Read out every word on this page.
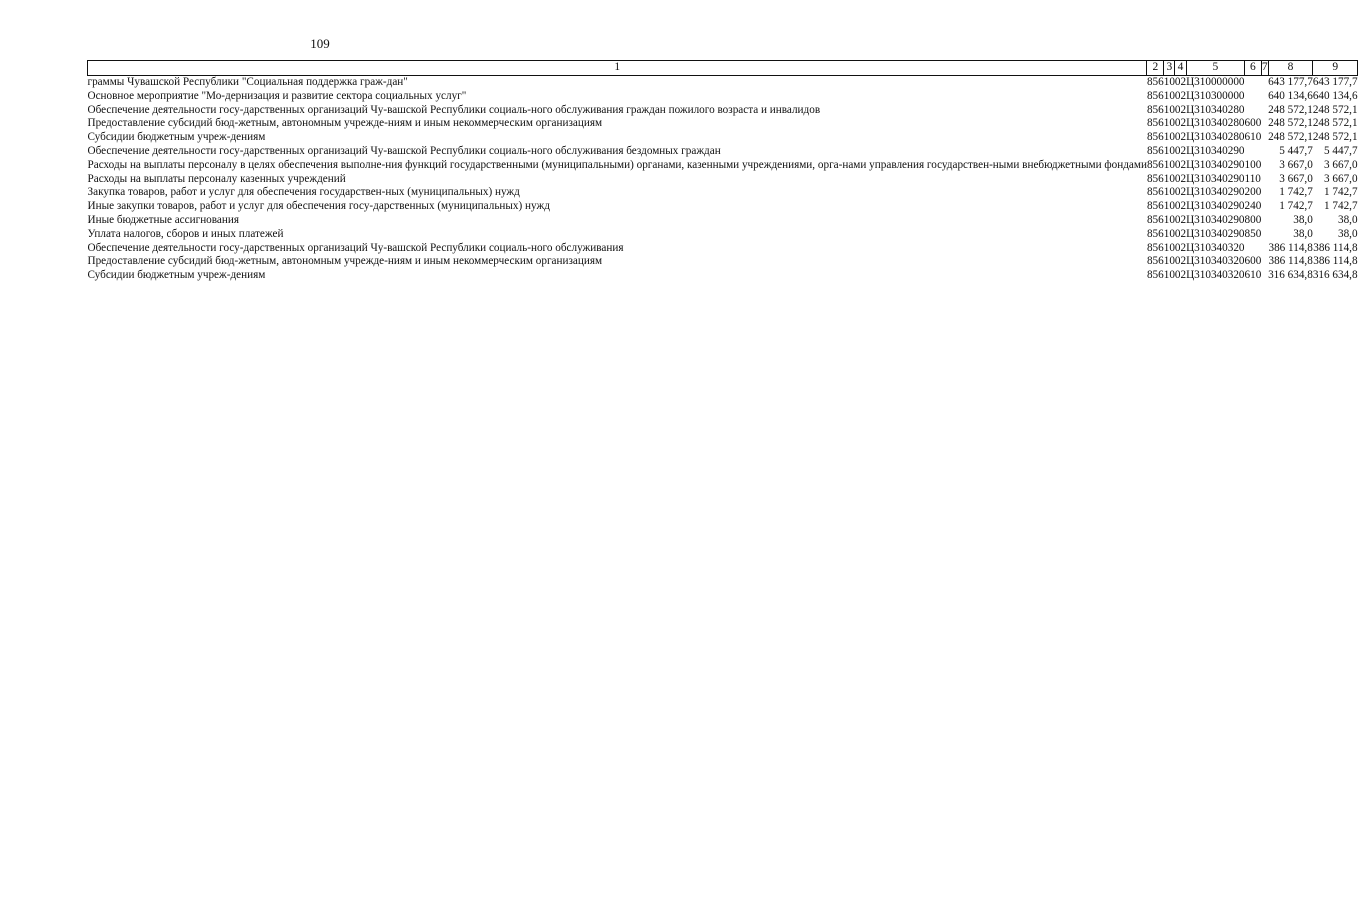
109
1	2	3	4	5	6	7	8	9
граммы Чувашской Республики "Социальная поддержка граж-дан"	856	10	02	Ц310000000			643 177,7	643 177,7
Основное мероприятие "Мо-дернизация и развитие сектора социальных услуг"	856	10	02	Ц310300000			640 134,6	640 134,6
Обеспечение деятельности госу-дарственных организаций Чу-вашской Республики социаль-ного обслуживания граждан пожилого возраста и инвалидов	856	10	02	Ц310340280			248 572,1	248 572,1
Предоставление субсидий бюд-жетным, автономным учрежде-ниям и иным некоммерческим организациям	856	10	02	Ц310340280	600		248 572,1	248 572,1
Субсидии бюджетным учреж-дениям	856	10	02	Ц310340280	610		248 572,1	248 572,1
Обеспечение деятельности госу-дарственных организаций Чу-вашской Республики социаль-ного обслуживания бездомных граждан	856	10	02	Ц310340290			5 447,7	5 447,7
Расходы на выплаты персоналу в целях обеспечения выполне-ния функций государственными (муниципальными) органами, казенными учреждениями, орга-нами управления государствен-ными внебюджетными фондами	856	10	02	Ц310340290	100		3 667,0	3 667,0
Расходы на выплаты персоналу казенных учреждений	856	10	02	Ц310340290	110		3 667,0	3 667,0
Закупка товаров, работ и услуг для обеспечения государствен-ных (муниципальных) нужд	856	10	02	Ц310340290	200		1 742,7	1 742,7
Иные закупки товаров, работ и услуг для обеспечения госу-дарственных (муниципальных) нужд	856	10	02	Ц310340290	240		1 742,7	1 742,7
Иные бюджетные ассигнования	856	10	02	Ц310340290	800		38,0	38,0
Уплата налогов, сборов и иных платежей	856	10	02	Ц310340290	850		38,0	38,0
Обеспечение деятельности госу-дарственных организаций Чу-вашской Республики социаль-ного обслуживания	856	10	02	Ц310340320			386 114,8	386 114,8
Предоставление субсидий бюд-жетным, автономным учрежде-ниям и иным некоммерческим организациям	856	10	02	Ц310340320	600		386 114,8	386 114,8
Субсидии бюджетным учреж-дениям	856	10	02	Ц310340320	610		316 634,8	316 634,8
